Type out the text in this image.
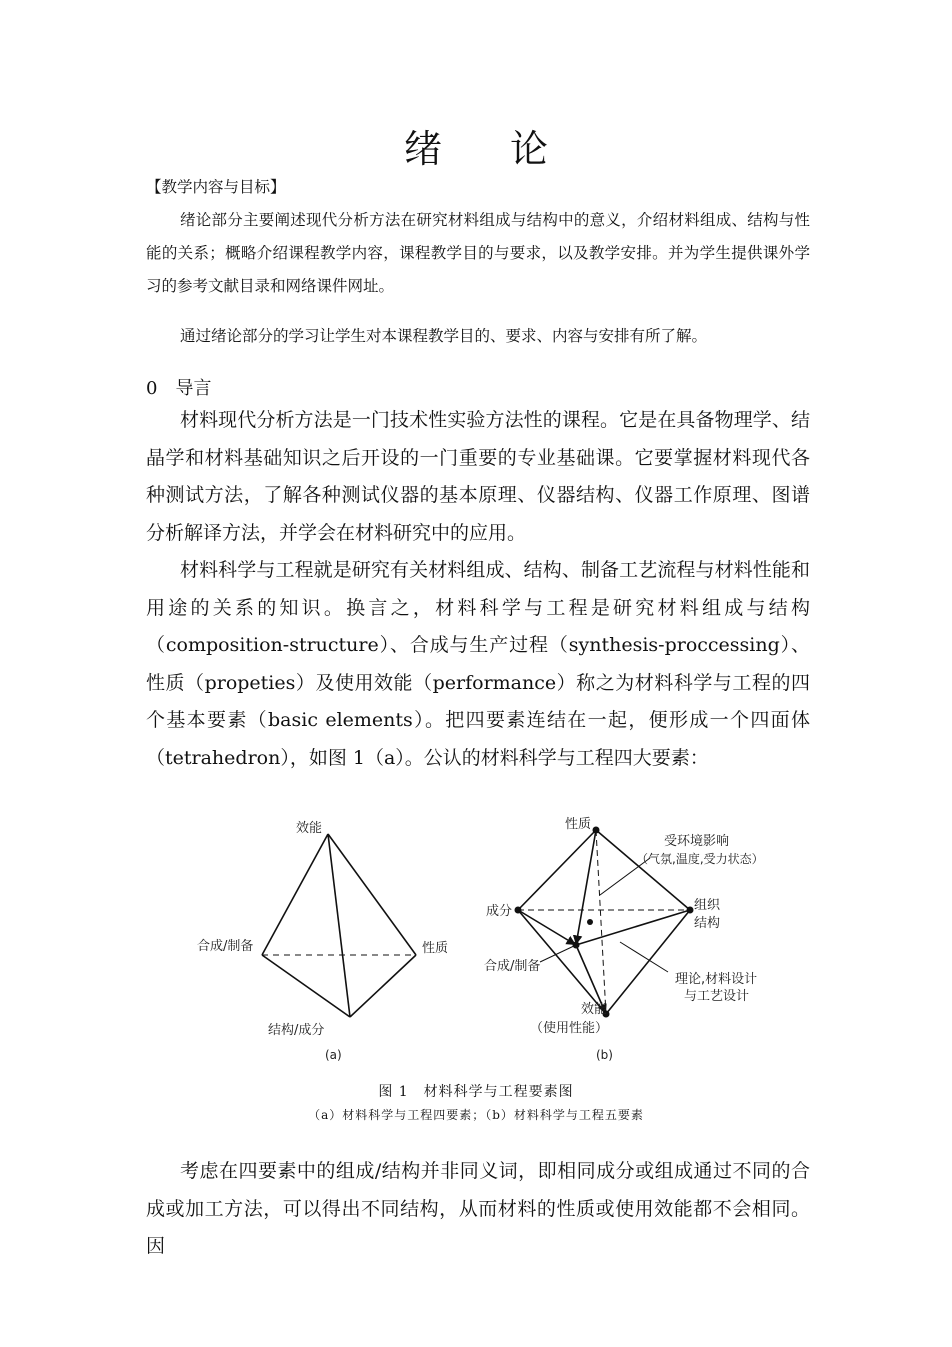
绪 论
【教学内容与目标】
绪论部分主要阐述现代分析方法在研究材料组成与结构中的意义，介绍材料组成、结构与性能的关系；概略介绍课程教学内容，课程教学目的与要求，以及教学安排。并为学生提供课外学习的参考文献目录和网络课件网址。
通过绪论部分的学习让学生对本课程教学目的、要求、内容与安排有所了解。
0　导言
材料现代分析方法是一门技术性实验方法性的课程。它是在具备物理学、结晶学和材料基础知识之后开设的一门重要的专业基础课。它要掌握材料现代各种测试方法，了解各种测试仪器的基本原理、仪器结构、仪器工作原理、图谱分析解译方法，并学会在材料研究中的应用。
材料科学与工程就是研究有关材料组成、结构、制备工艺流程与材料性能和用途的关系的知识。换言之，材料科学与工程是研究材料组成与结构（composition-structure）、合成与生产过程（synthesis-proccessing）、性质（propeties）及使用效能（performance）称之为材料科学与工程的四个基本要素（basic elements）。把四要素连结在一起，便形成一个四面体（tetrahedron），如图 1（a）。公认的材料科学与工程四大要素：
效能
合成/制备	性质
结构/成分
(a)
性质
受环境影响
（气氛,温度,受力状态）
成分	组织
结构
合成/制备
理论,材料设计
与工艺设计
效能
（使用性能）
(b)
图 1　材料科学与工程要素图
（a）材料科学与工程四要素；（b）材料科学与工程五要素
考虑在四要素中的组成/结构并非同义词，即相同成分或组成通过不同的合成或加工方法，可以得出不同结构，从而材料的性质或使用效能都不会相同。因
